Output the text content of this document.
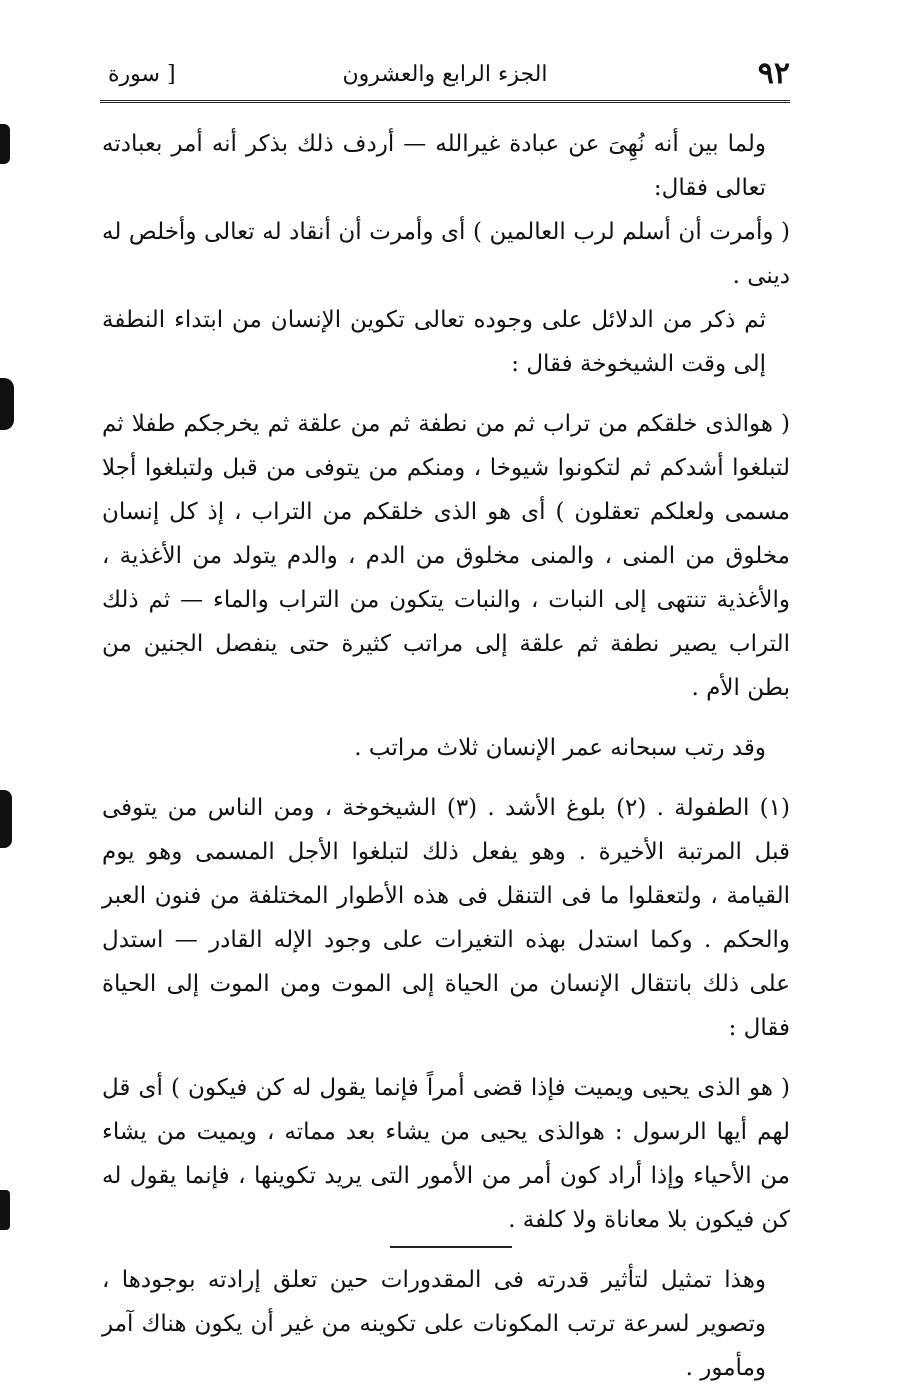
٩٢
الجزء الرابع والعشرون
[ سورة

ولما بين أنه نُهِىَ عن عبادة غيرالله — أردف ذلك بذكر أنه أمر بعبادته تعالى فقال:

( وأمرت أن أسلم لرب العالمين ) أى وأمرت أن أنقاد له تعالى وأخلص له دينى .

ثم ذكر من الدلائل على وجوده تعالى تكوين الإنسان من ابتداء النطفة إلى وقت الشيخوخة فقال :

( هوالذى خلقكم من تراب ثم من نطفة ثم من علقة ثم يخرجكم طفلا ثم لتبلغوا أشدكم ثم لتكونوا شيوخا ، ومنكم من يتوفى من قبل ولتبلغوا أجلا مسمى ولعلكم تعقلون ) أى هو الذى خلقكم من التراب ، إذ كل إنسان مخلوق من المنى ، والمنى مخلوق من الدم ، والدم يتولد من الأغذية ، والأغذية تنتهى إلى النبات ، والنبات يتكون من التراب والماء — ثم ذلك التراب يصير نطفة ثم علقة إلى مراتب كثيرة حتى ينفصل الجنين من بطن الأم .

وقد رتب سبحانه عمر الإنسان ثلاث مراتب .

(١) الطفولة . (٢) بلوغ الأشد . (٣) الشيخوخة ، ومن الناس من يتوفى قبل المرتبة الأخيرة . وهو يفعل ذلك لتبلغوا الأجل المسمى وهو يوم القيامة ، ولتعقلوا ما فى التنقل فى هذه الأطوار المختلفة من فنون العبر والحكم . وكما استدل بهذه التغيرات على وجود الإله القادر — استدل على ذلك بانتقال الإنسان من الحياة إلى الموت ومن الموت إلى الحياة فقال :

( هو الذى يحيى ويميت فإذا قضى أمراً فإنما يقول له كن فيكون ) أى قل لهم أيها الرسول : هوالذى يحيى من يشاء بعد مماته ، ويميت من يشاء من الأحياء وإذا أراد كون أمر من الأمور التى يريد تكوينها ، فإنما يقول له كن فيكون بلا معاناة ولا كلفة .

وهذا تمثيل لتأثير قدرته فى المقدورات حين تعلق إرادته بوجودها ، وتصوير لسرعة ترتب المكونات على تكوينه من غير أن يكون هناك آمر ومأمور .
